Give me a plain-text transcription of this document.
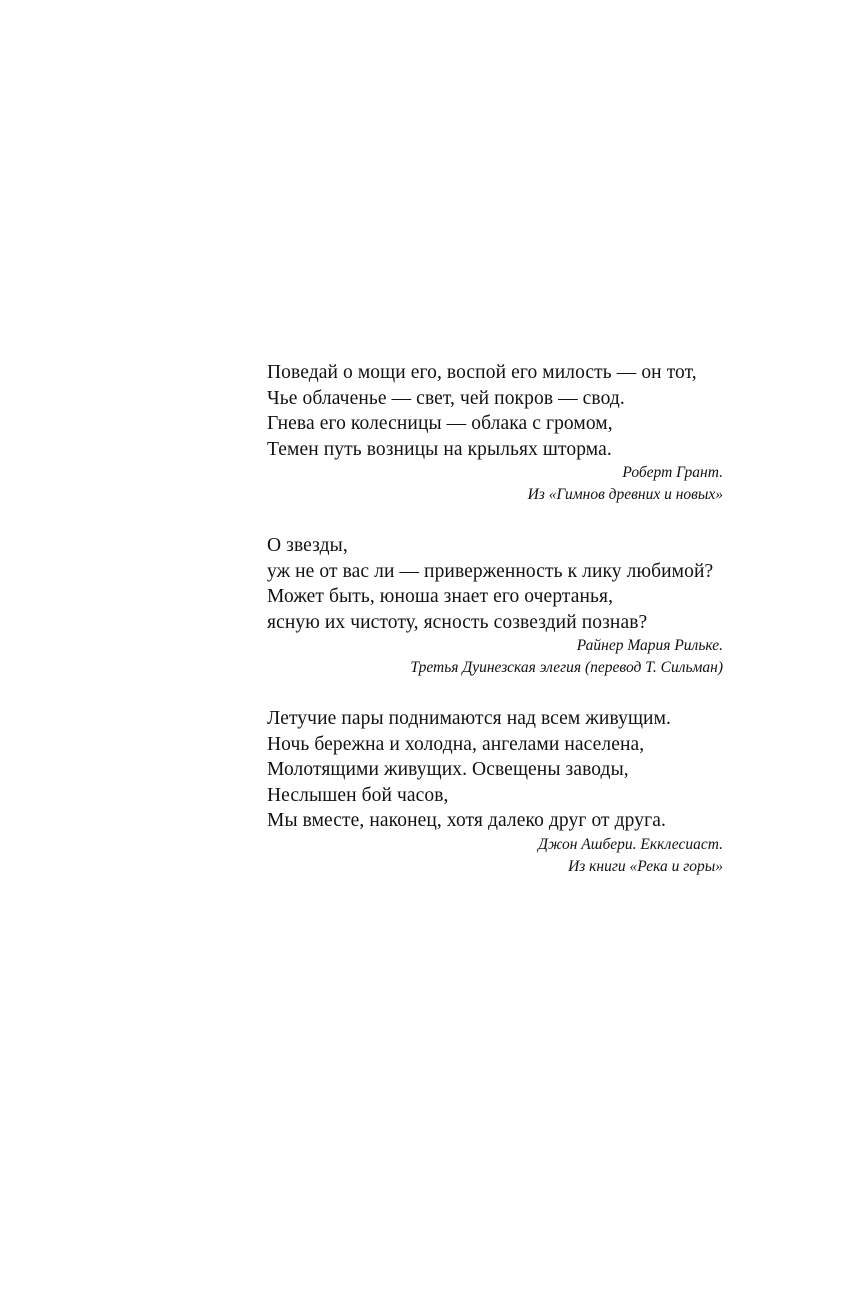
Поведай о мощи его, воспой его милость — он тот,
Чье облаченье — свет, чей покров — свод.
Гнева его колесницы — облака с громом,
Темен путь возницы на крыльях шторма.
Роберт Грант.
Из «Гимнов древних и новых»
О звезды,
уж не от вас ли — приверженность к лику любимой?
Может быть, юноша знает его очертанья,
ясную их чистоту, ясность созвездий познав?
Райнер Мария Рильке.
Третья Дуинезская элегия (перевод Т. Сильман)
Летучие пары поднимаются над всем живущим.
Ночь бережна и холодна, ангелами населена,
Молотящими живущих. Освещены заводы,
Неслышен бой часов,
Мы вместе, наконец, хотя далеко друг от друга.
Джон Ашбери. Екклесиаст.
Из книги «Река и горы»
